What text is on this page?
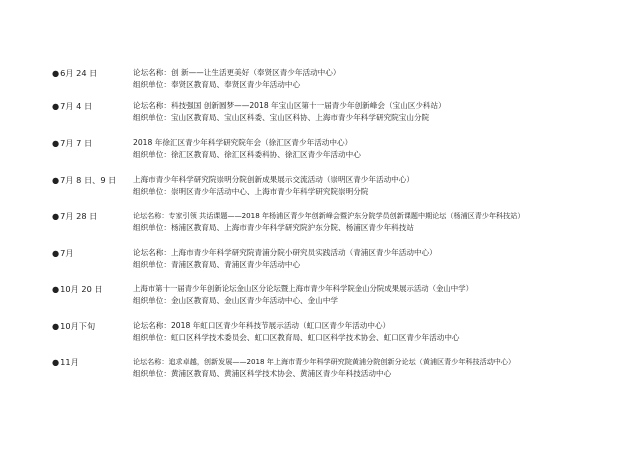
●6月 24 日	论坛名称：创 新——让生活更美好（奉贤区青少年活动中心）
组织单位：奉贤区教育局、奉贤区青少年活动中心
●7月 4 日	论坛名称：科技强国 创新圆梦——2018 年宝山区第十一届青少年创新峰会（宝山区少科站）
组织单位：宝山区教育局、宝山区科委、宝山区科协、上海市青少年科学研究院宝山分院
●7月 7 日	2018 年徐汇区青少年科学研究院年会（徐汇区青少年活动中心）
组织单位：徐汇区教育局、徐汇区科委科协、徐汇区青少年活动中心
●7月 8 日、9 日 上海市青少年科学研究院崇明分院创新成果展示交流活动（崇明区青少年活动中心）
组织单位：崇明区青少年活动中心、上海市青少年科学研究院崇明分院
●7月 28 日	论坛名称：专家引领 共话课题——2018 年杨浦区青少年创新峰会暨沪东分院学员创新课题中期论坛（杨浦区青少年科技站）
组织单位：杨浦区教育局、上海市青少年科学研究院沪东分院、杨浦区青少年科技站
●7月	论坛名称：上海市青少年科学研究院青浦分院小研究员实践活动（青浦区青少年活动中心）
组织单位：青浦区教育局、青浦区青少年活动中心
●10月 20 日	上海市第十一届青少年创新论坛金山区分论坛暨上海市青少年科学院金山分院成果展示活动（金山中学）
组织单位：金山区教育局、金山区青少年活动中心、金山中学
●10月下旬	论坛名称：2018 年虹口区青少年科技节展示活动（虹口区青少年活动中心）
组织单位：虹口区科学技术委员会、虹口区教育局、虹口区科学技术协会、虹口区青少年活动中心
●11月	论坛名称：追求卓越，创新发展——2018 年上海市青少年科学研究院黄浦分院创新分论坛（黄浦区青少年科技活动中心）
组织单位：黄浦区教育局、黄浦区科学技术协会、黄浦区青少年科技活动中心
